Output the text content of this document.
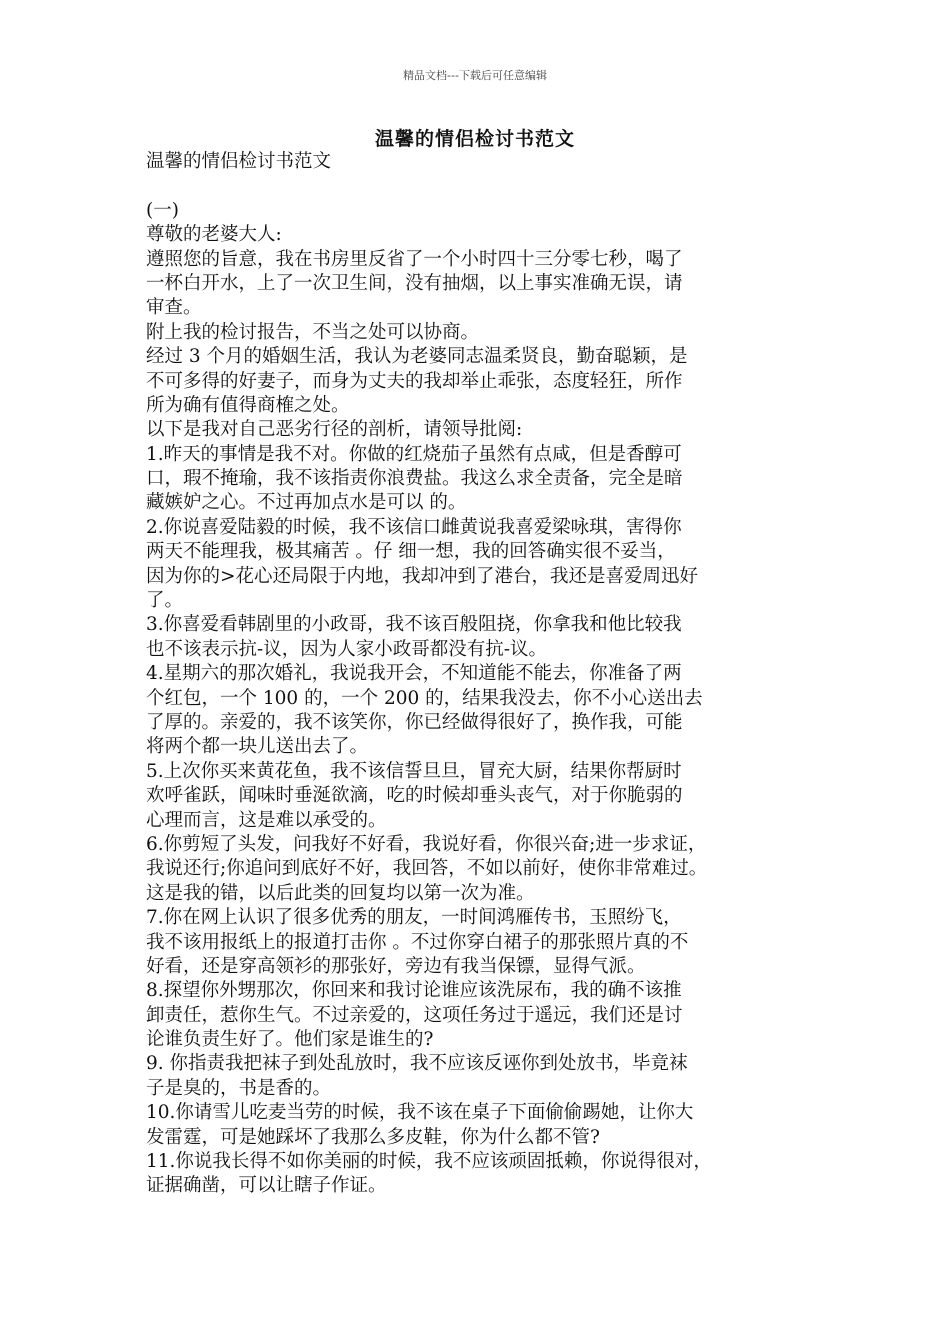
精品文档---下载后可任意编辑
温馨的情侣检讨书范文
温馨的情侣检讨书范文
(一)
尊敬的老婆大人:
遵照您的旨意，我在书房里反省了一个小时四十三分零七秒，喝了
一杯白开水，上了一次卫生间，没有抽烟，以上事实准确无误，请
审查。
附上我的检讨报告，不当之处可以协商。
经过 3 个月的婚姻生活，我认为老婆同志温柔贤良，勤奋聪颖，是
不可多得的好妻子，而身为丈夫的我却举止乖张，态度轻狂，所作
所为确有值得商榷之处。
以下是我对自己恶劣行径的剖析，请领导批阅:
1.昨天的事情是我不对。你做的红烧茄子虽然有点咸，但是香醇可
口，瑕不掩瑜，我不该指责你浪费盐。我这么求全责备，完全是暗
藏嫉妒之心。不过再加点水是可以 的。
2.你说喜爱陆毅的时候，我不该信口雌黄说我喜爱梁咏琪，害得你
两天不能理我，极其痛苦 。仔 细一想，我的回答确实很不妥当，
因为你的>花心还局限于内地，我却冲到了港台，我还是喜爱周迅好
了。
3.你喜爱看韩剧里的小政哥，我不该百般阻挠，你拿我和他比较我
也不该表示抗-议，因为人家小政哥都没有抗-议。
4.星期六的那次婚礼，我说我开会，不知道能不能去，你准备了两
个红包，一个 100 的，一个 200 的，结果我没去，你不小心送出去
了厚的。亲爱的，我不该笑你，你已经做得很好了，换作我，可能
将两个都一块儿送出去了。
5.上次你买来黄花鱼，我不该信誓旦旦，冒充大厨，结果你帮厨时
欢呼雀跃，闻味时垂涎欲滴，吃的时候却垂头丧气，对于你脆弱的
心理而言，这是难以承受的。
6.你剪短了头发，问我好不好看，我说好看，你很兴奋;进一步求证，
我说还行;你追问到底好不好，我回答，不如以前好，使你非常难过。
这是我的错，以后此类的回复均以第一次为准。
7.你在网上认识了很多优秀的朋友，一时间鸿雁传书，玉照纷飞，
我不该用报纸上的报道打击你 。不过你穿白裙子的那张照片真的不
好看，还是穿高领衫的那张好，旁边有我当保镖，显得气派。
8.探望你外甥那次，你回来和我讨论谁应该洗尿布，我的确不该推
卸责任，惹你生气。不过亲爱的，这项任务过于遥远，我们还是讨
论谁负责生好了。他们家是谁生的?
9. 你指责我把袜子到处乱放时，我不应该反诬你到处放书，毕竟袜
子是臭的，书是香的。
10.你请雪儿吃麦当劳的时候，我不该在桌子下面偷偷踢她，让你大
发雷霆，可是她踩坏了我那么多皮鞋，你为什么都不管?
11.你说我长得不如你美丽的时候，我不应该顽固抵赖，你说得很对，
证据确凿，可以让瞎子作证。
